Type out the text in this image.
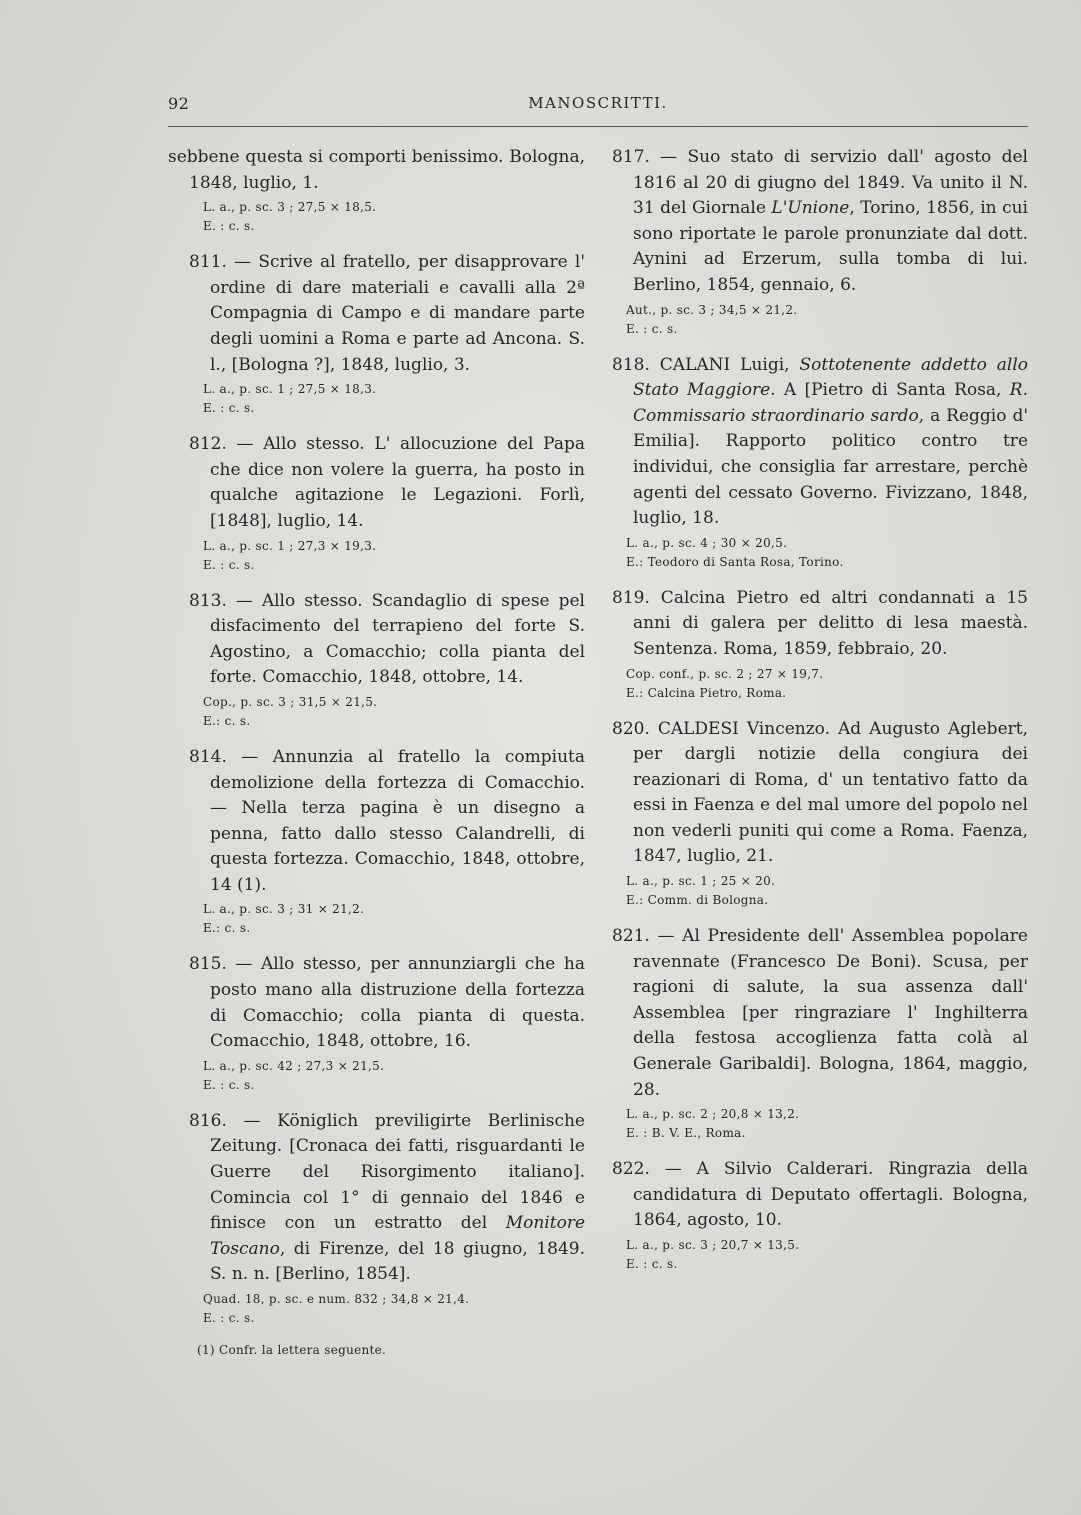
92	MANOSCRITTI.

sebbene questa si comporti benissimo. Bologna, 1848, luglio, 1.

L. a., p. sc. 3 ; 27,5 × 18,5.
E. : c. s.

811. — Scrive al fratello, per disapprovare l' ordine di dare materiali e cavalli alla 2ª Compagnia di Campo e di mandare parte degli uomini a Roma e parte ad Ancona. S. l., [Bologna ?], 1848, luglio, 3.

L. a., p. sc. 1 ; 27,5 × 18,3.
E. : c. s.

812. — Allo stesso. L' allocuzione del Papa che dice non volere la guerra, ha posto in qualche agitazione le Legazioni. Forlì, [1848], luglio, 14.

L. a., p. sc. 1 ; 27,3 × 19,3.
E. : c. s.

813. — Allo stesso. Scandaglio di spese pel disfacimento del terrapieno del forte S. Agostino, a Comacchio; colla pianta del forte. Comacchio, 1848, ottobre, 14.

Cop., p. sc. 3 ; 31,5 × 21,5.
E.: c. s.

814. — Annunzia al fratello la compiuta demolizione della fortezza di Comacchio. — Nella terza pagina è un disegno a penna, fatto dallo stesso Calandrelli, di questa fortezza. Comacchio, 1848, ottobre, 14 (1).

L. a., p. sc. 3 ; 31 × 21,2.
E.: c. s.

815. — Allo stesso, per annunziargli che ha posto mano alla distruzione della fortezza di Comacchio; colla pianta di questa. Comacchio, 1848, ottobre, 16.

L. a., p. sc. 42 ; 27,3 × 21,5.
E. : c. s.

816. — Königlich previligirte Berlinische Zeitung. [Cronaca dei fatti, risguardanti le Guerre del Risorgimento italiano]. Comincia col 1° di gennaio del 1846 e finisce con un estratto del Monitore Toscano, di Firenze, del 18 giugno, 1849. S. n. n. [Berlino, 1854].

Quad. 18, p. sc. e num. 832 ; 34,8 × 21,4.
E. : c. s.
(1) Confr. la lettera seguente.

817. — Suo stato di servizio dall' agosto del 1816 al 20 di giugno del 1849. Va unito il N. 31 del Giornale L'Unione, Torino, 1856, in cui sono riportate le parole pronunziate dal dott. Aynini ad Erzerum, sulla tomba di lui. Berlino, 1854, gennaio, 6.

Aut., p. sc. 3 ; 34,5 × 21,2.
E. : c. s.

818. CALANI Luigi, Sottotenente addetto allo Stato Maggiore. A [Pietro di Santa Rosa, R. Commissario straordinario sardo, a Reggio d' Emilia]. Rapporto politico contro tre individui, che consiglia far arrestare, perchè agenti del cessato Governo. Fivizzano, 1848, luglio, 18.

L. a., p. sc. 4 ; 30 × 20,5.
E.: Teodoro di Santa Rosa, Torino.

819. Calcina Pietro ed altri condannati a 15 anni di galera per delitto di lesa maestà. Sentenza. Roma, 1859, febbraio, 20.

Cop. conf., p. sc. 2 ; 27 × 19,7.
E.: Calcina Pietro, Roma.

820. CALDESI Vincenzo. Ad Augusto Aglebert, per dargli notizie della congiura dei reazionari di Roma, d' un tentativo fatto da essi in Faenza e del mal umore del popolo nel non vederli puniti qui come a Roma. Faenza, 1847, luglio, 21.

L. a., p. sc. 1 ; 25 × 20.
E.: Comm. di Bologna.

821. — Al Presidente dell' Assemblea popolare ravennate (Francesco De Boni). Scusa, per ragioni di salute, la sua assenza dall' Assemblea [per ringraziare l' Inghilterra della festosa accoglienza fatta colà al Generale Garibaldi]. Bologna, 1864, maggio, 28.

L. a., p. sc. 2 ; 20,8 × 13,2.
E. : B. V. E., Roma.

822. — A Silvio Calderari. Ringrazia della candidatura di Deputato offertagli. Bologna, 1864, agosto, 10.

L. a., p. sc. 3 ; 20,7 × 13,5.
E. : c. s.
